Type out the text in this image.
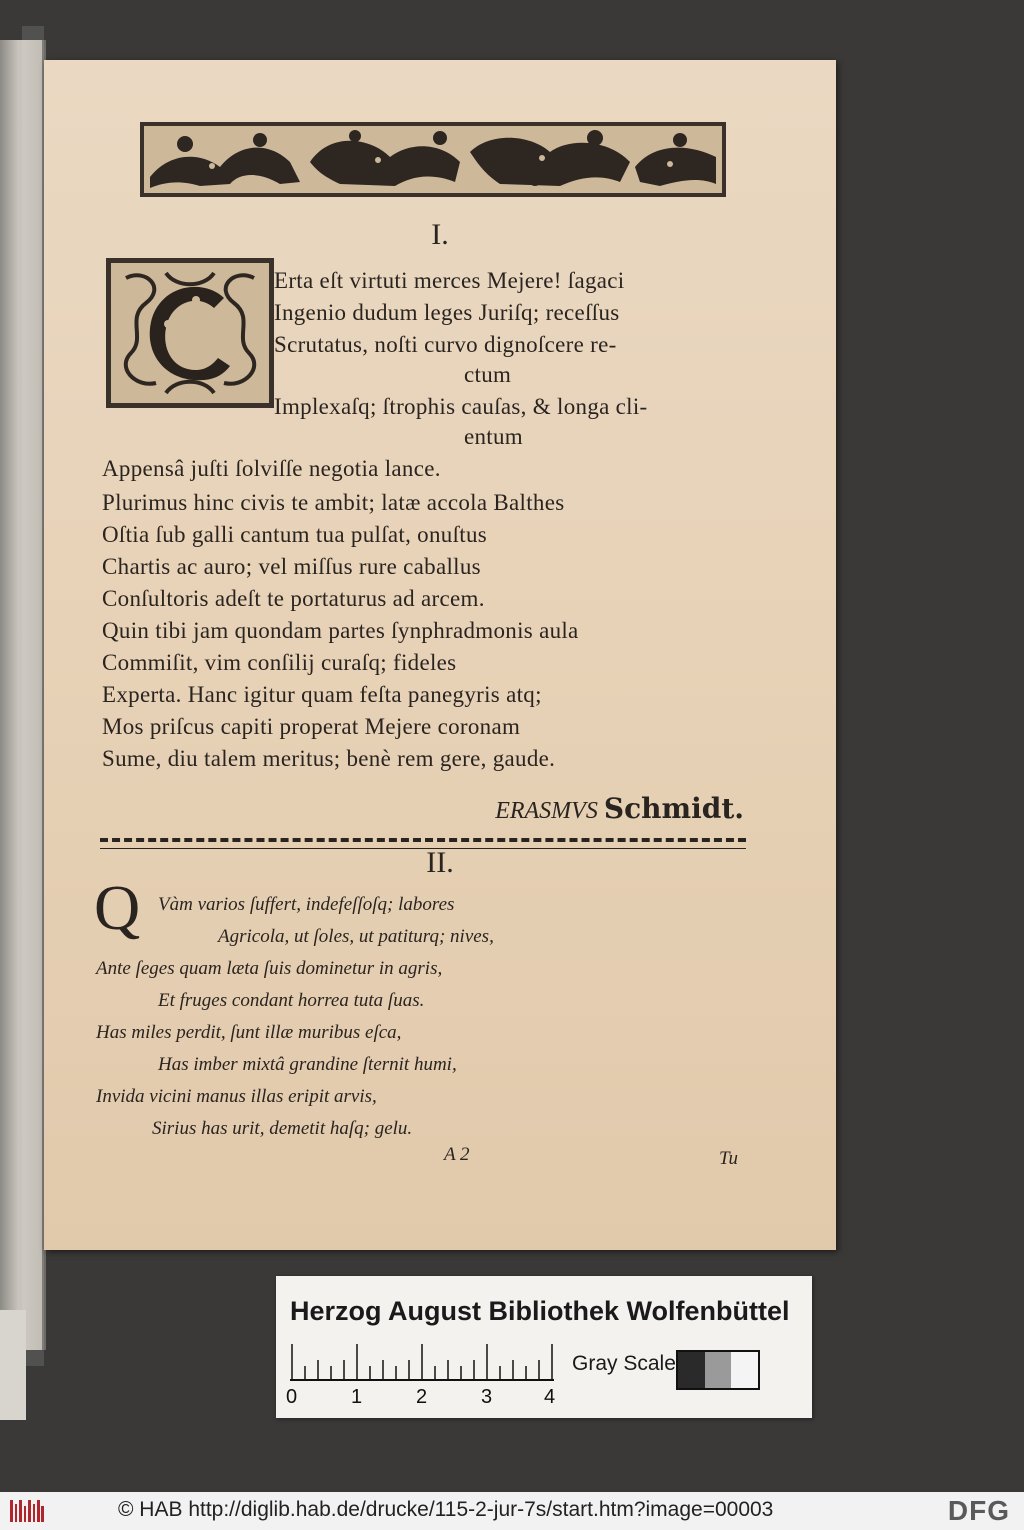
I.
Erta eſt virtuti merces Mejere! ſagaci
Ingenio dudum leges Juriſq; receſſus
Scrutatus, noſti curvo dignoſcere re-
ctum
Implexaſq; ſtrophis cauſas, & longa cli-
entum
Appensâ juſti ſolviſſe negotia lance.
Plurimus hinc civis te ambit; latæ accola Balthes
Oſtia ſub galli cantum tua pulſat, onuſtus
Chartis ac auro; vel miſſus rure caballus
Conſultoris adeſt te portaturus ad arcem.
Quin tibi jam quondam partes ſynphradmonis aula
Commiſit, vim conſilij curaſq; fideles
Experta. Hanc igitur quam feſta panegyris atq;
Mos priſcus capiti properat Mejere coronam
Sume, diu talem meritus; benè rem gere, gaude.
ERASMVS Schmidt.
II.
Q Vàm varios ſuffert, indefeſſoſq; labores
Agricola, ut ſoles, ut patiturq; nives,
Ante ſeges quam læta ſuis dominetur in agris,
Et fruges condant horrea tuta ſuas.
Has miles perdit, ſunt illæ muribus eſca,
Has imber mixtâ grandine ſternit humi,
Invida vicini manus illas eripit arvis,
Sirius has urit, demetit haſq; gelu.
A 2	Tu
Herzog August Bibliothek Wolfenbüttel
0	1	2	3	4
Gray Scale
© HAB http://diglib.hab.de/drucke/115-2-jur-7s/start.htm?image=00003	DFG
